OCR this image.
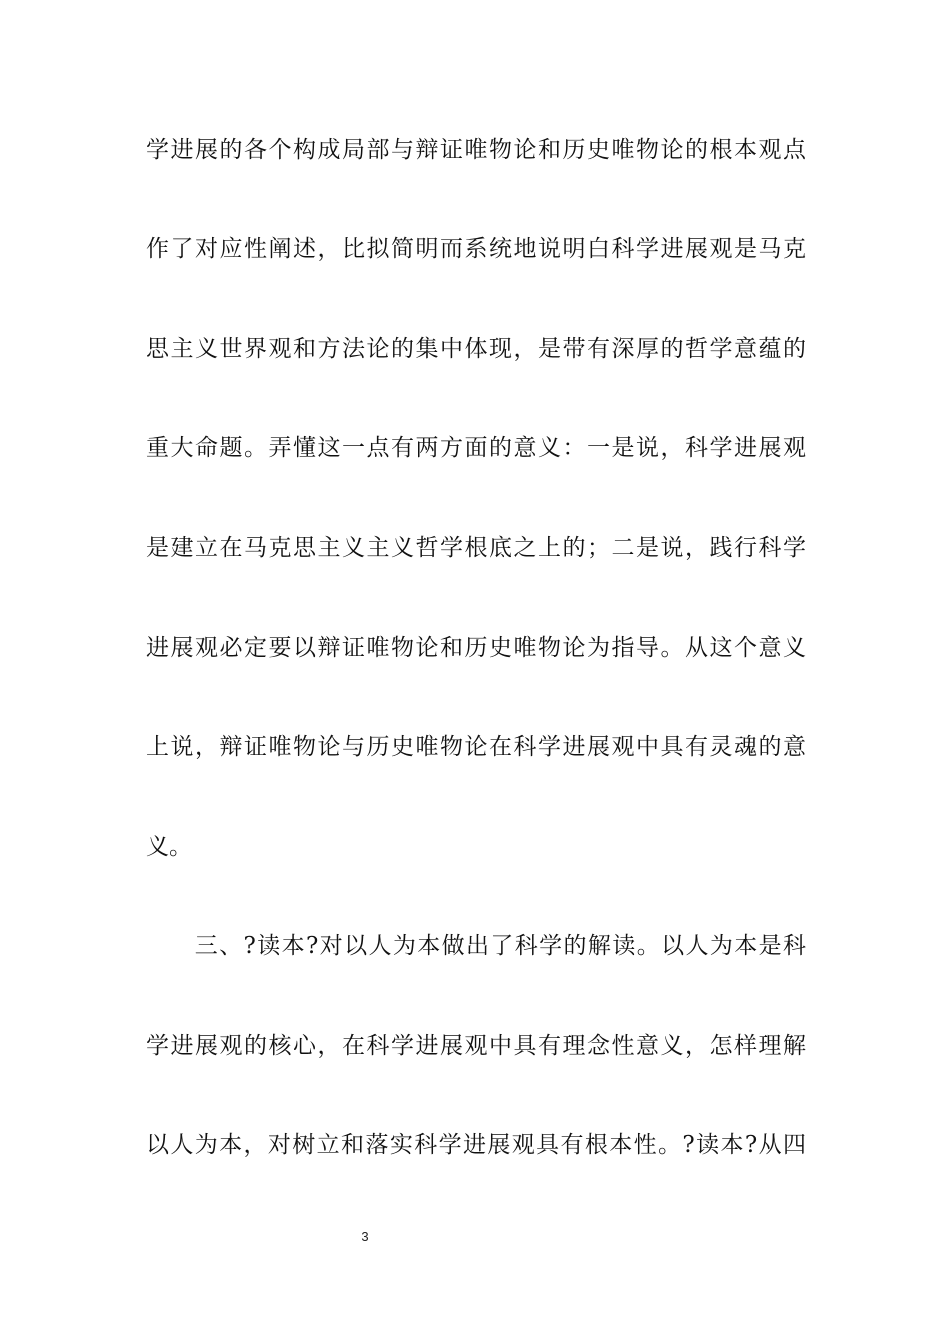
学进展的各个构成局部与辩证唯物论和历史唯物论的根本观点
作了对应性阐述，比拟简明而系统地说明白科学进展观是马克
思主义世界观和方法论的集中体现，是带有深厚的哲学意蕴的
重大命题。弄懂这一点有两方面的意义：一是说，科学进展观
是建立在马克思主义主义哲学根底之上的；二是说，践行科学
进展观必定要以辩证唯物论和历史唯物论为指导。从这个意义
上说，辩证唯物论与历史唯物论在科学进展观中具有灵魂的意
义。
　　三、?读本?对以人为本做出了科学的解读。以人为本是科
学进展观的核心，在科学进展观中具有理念性意义，怎样理解
以人为本，对树立和落实科学进展观具有根本性。?读本?从四
3
